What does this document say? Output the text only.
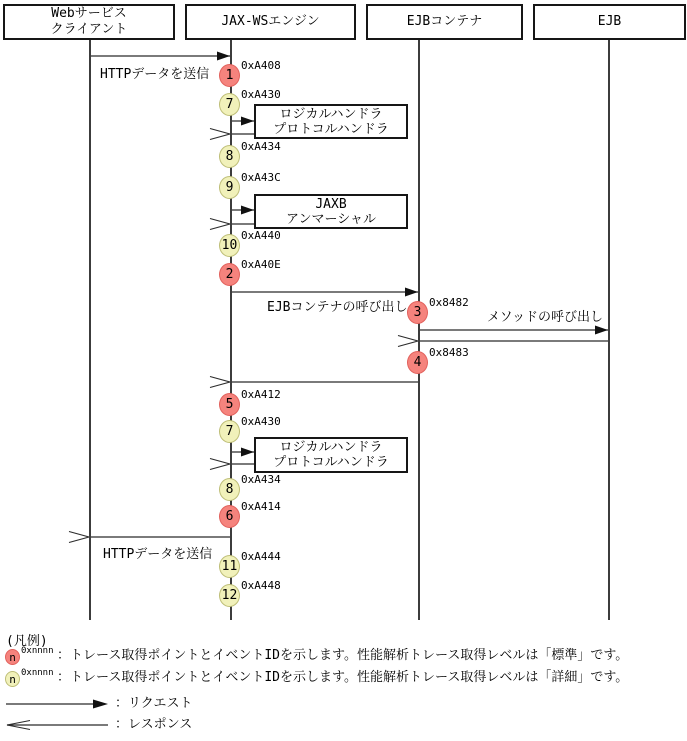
Webサービス
クライアント
JAX-WSエンジン	EJBコンテナ	EJB
HTTPデータを送信
EJBコンテナの呼び出し
メソッドの呼び出し
HTTPデータを送信
ロジカルハンドラ
プロトコルハンドラ
JAXB
アンマーシャル
ロジカルハンドラ
プロトコルハンドラ
1
0xA408
7
0xA430
8
0xA434
9
0xA43C
10
0xA440
2
0xA40E
3
0x8482
4
0x8483
5
0xA412
7
0xA430
8
0xA434
6
0xA414
11
0xA444
12
0xA448
(凡例)
n 0xnnnn ：トレース取得ポイントとイベントIDを示します。性能解析トレース取得レベルは「標準」です。
n 0xnnnn ：トレース取得ポイントとイベントIDを示します。性能解析トレース取得レベルは「詳細」です。
：リクエスト
：レスポンス
